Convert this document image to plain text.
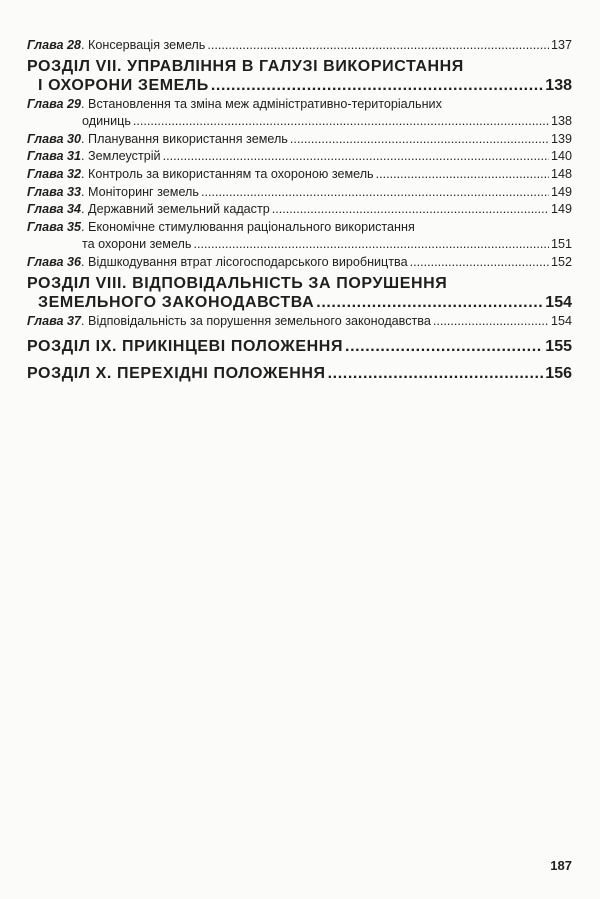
Глава 28. Консервація земель .....	137
РОЗДІЛ VII. УПРАВЛІННЯ В ГАЛУЗІ ВИКОРИСТАННЯ
І ОХОРОНИ ЗЕМЕЛЬ .....	138
Глава 29. Встановлення та зміна меж адміністративно-територіальних
одиниць .....	138
Глава 30. Планування використання земель .....	139
Глава 31. Землеустрій .....	140
Глава 32. Контроль за використанням та охороною земель .....	148
Глава 33. Моніторинг земель .....	149
Глава 34. Державний земельний кадастр .....	149
Глава 35. Економічне стимулювання раціонального використання
та охорони земель .....	151
Глава 36. Відшкодування втрат лісогосподарського виробництва .....	152
РОЗДІЛ VIII. ВІДПОВІДАЛЬНІСТЬ ЗА ПОРУШЕННЯ
ЗЕМЕЛЬНОГО ЗАКОНОДАВСТВА .....	154
Глава 37. Відповідальність за порушення земельного законодавства .....	154
РОЗДІЛ IX. ПРИКІНЦЕВІ ПОЛОЖЕННЯ .....	155
РОЗДІЛ X. ПЕРЕХІДНІ ПОЛОЖЕННЯ .....	156
187
